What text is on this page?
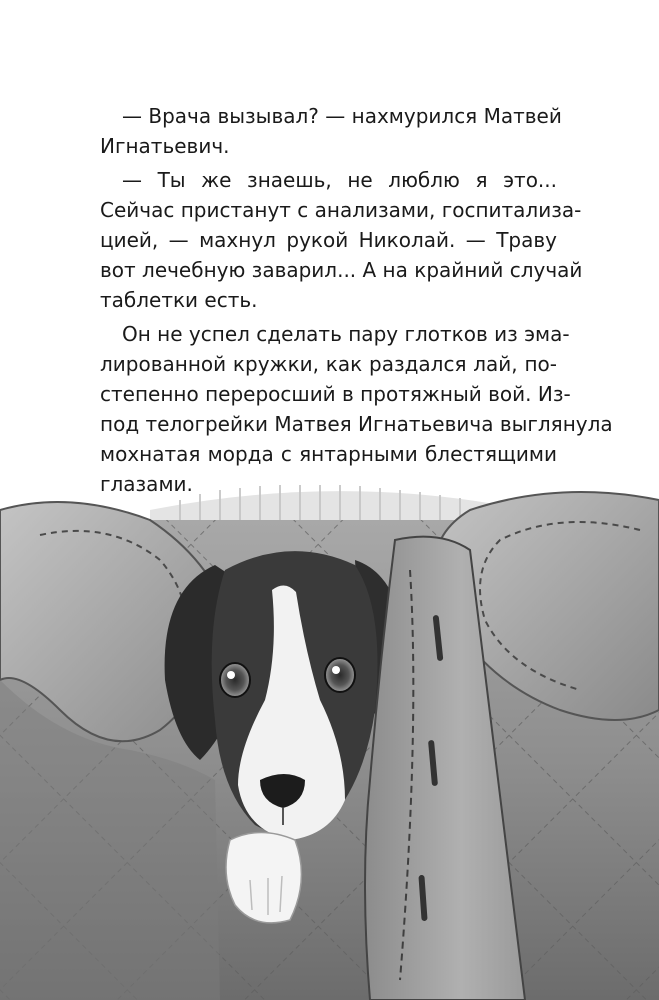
— Врача вызывал? — нахмурился Матвей
Игнатьевич.
— Ты же знаешь, не люблю я это...
Сейчас пристанут с анализами, госпитализа-
цией, — махнул рукой Николай. — Траву
вот лечебную заварил... А на крайний случай
таблетки есть.
Он не успел сделать пару глотков из эма-
лированной кружки, как раздался лай, по-
степенно переросший в протяжный вой. Из-
под телогрейки Матвея Игнатьевича выглянула
мохнатая морда с янтарными блестящими
глазами.
